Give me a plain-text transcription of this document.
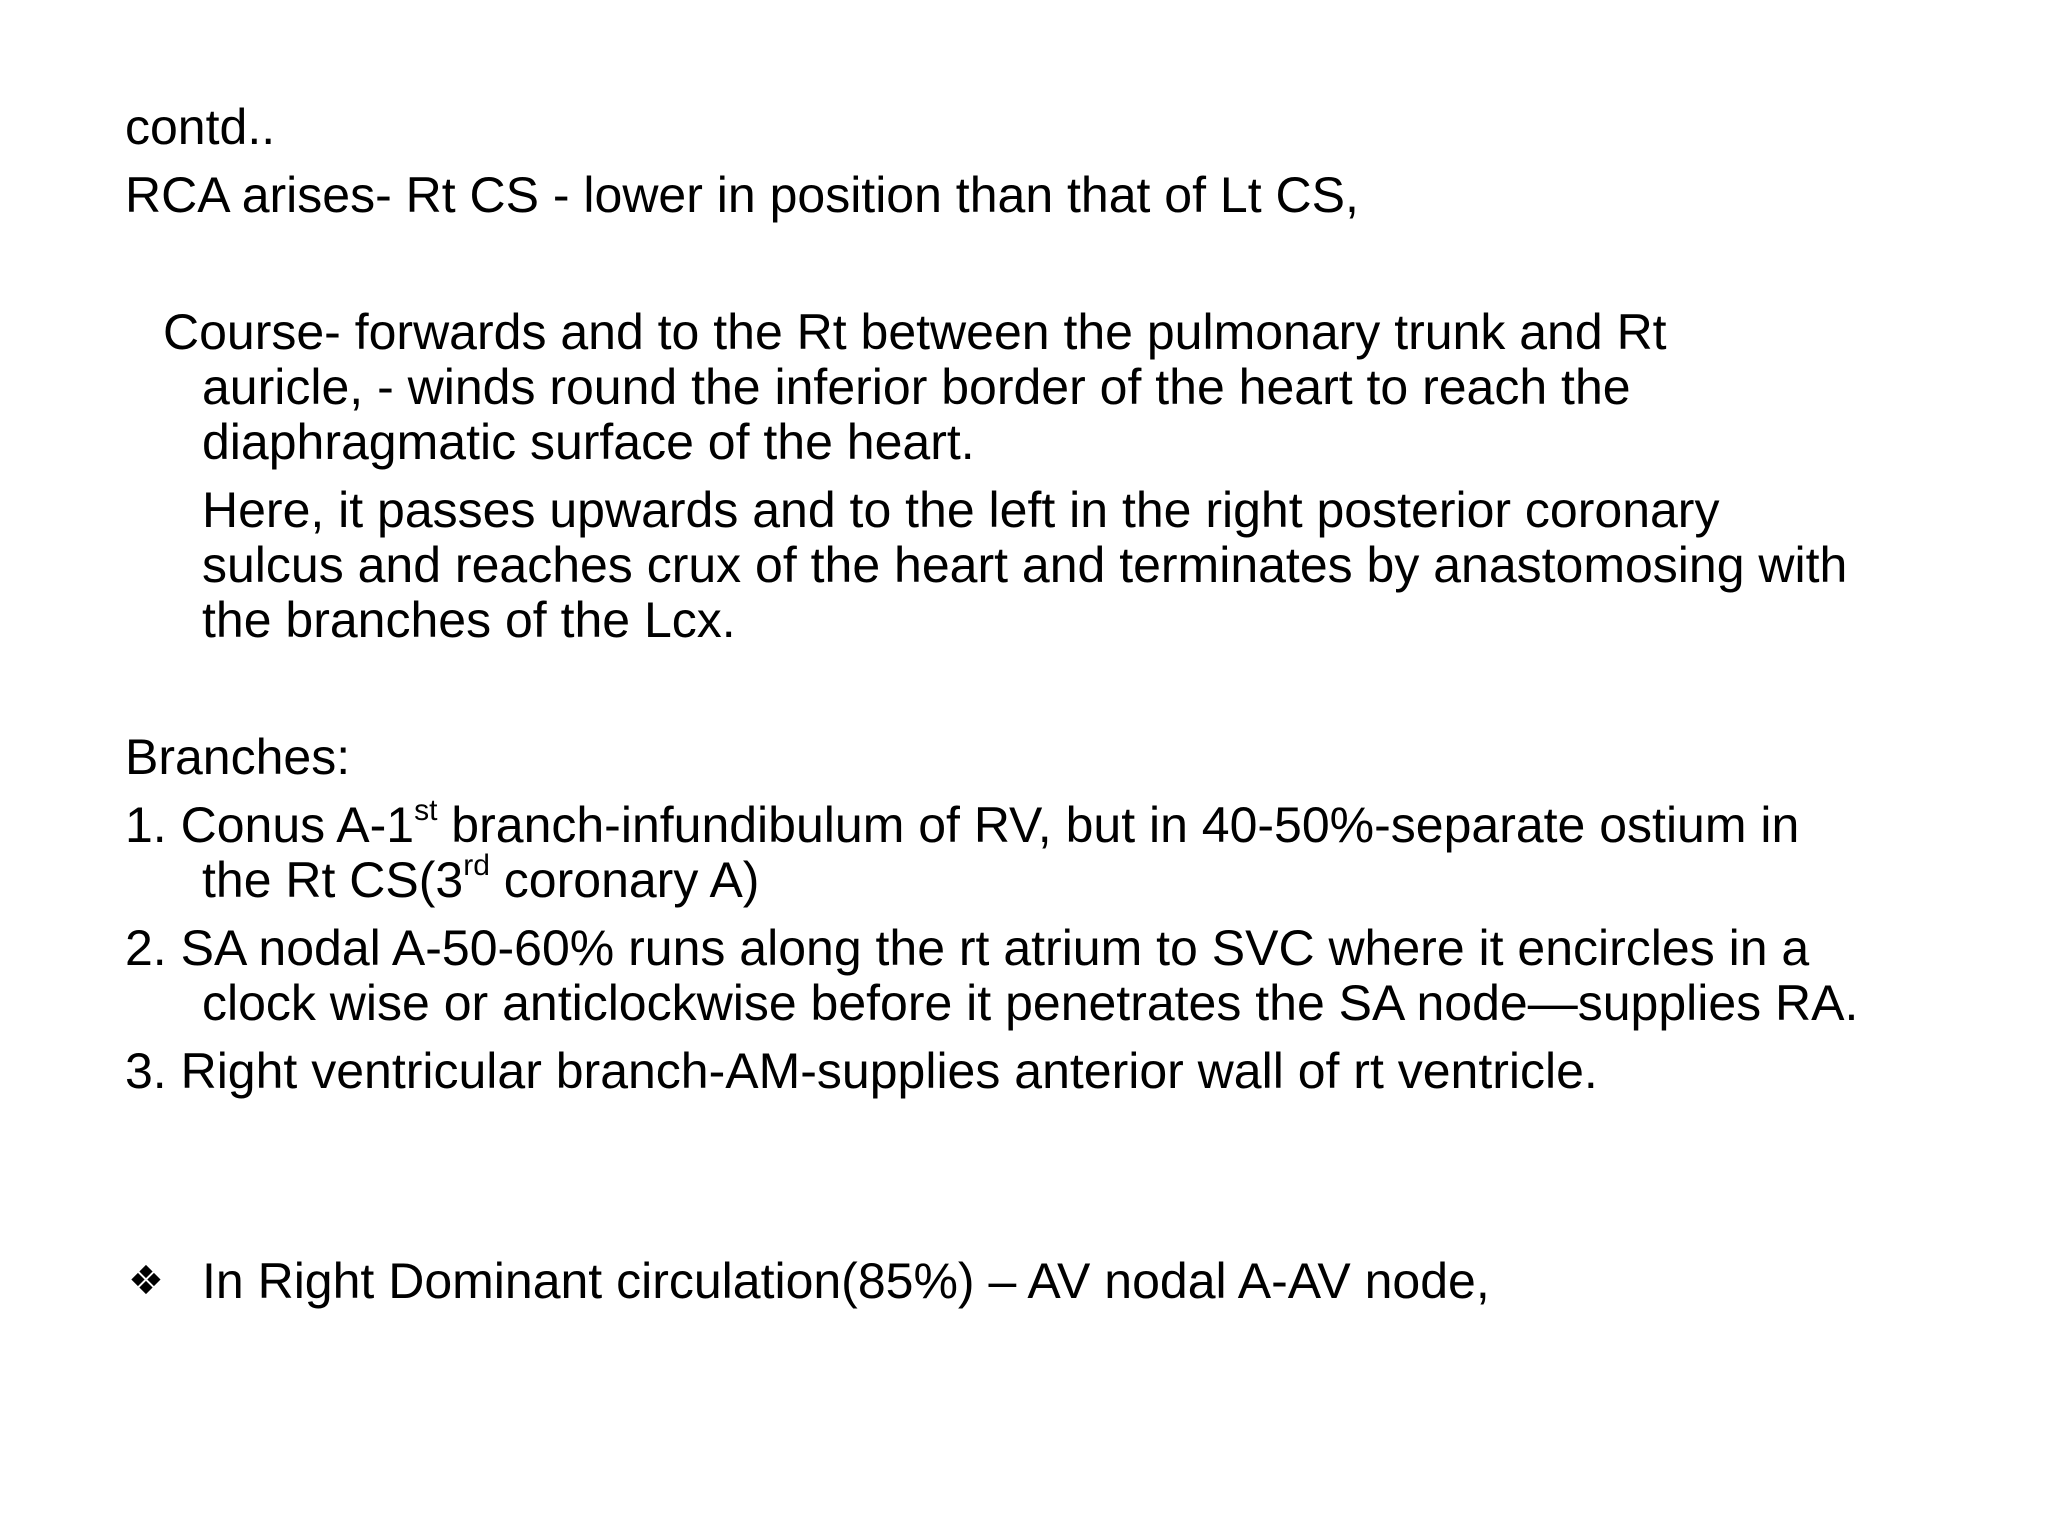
contd..
RCA arises- Rt CS - lower in position than that of Lt CS,
Course- forwards and to the Rt between the pulmonary trunk and Rt
auricle, - winds round the inferior border of the heart to reach the
diaphragmatic surface of the heart.
Here, it passes upwards and to the left in the right posterior coronary
sulcus and reaches crux of the heart and terminates by anastomosing with
the branches of the Lcx.
Branches:
1. Conus A-1st branch-infundibulum of RV, but in 40-50%-separate ostium in
the Rt CS(3rd coronary A)
2. SA nodal A-50-60% runs along the rt atrium to SVC where it encircles in a
clock wise or anticlockwise before it penetrates the SA node—supplies RA.
3. Right ventricular branch-AM-supplies anterior wall of rt ventricle.
❖ In Right Dominant circulation(85%) – AV nodal A-AV node,
